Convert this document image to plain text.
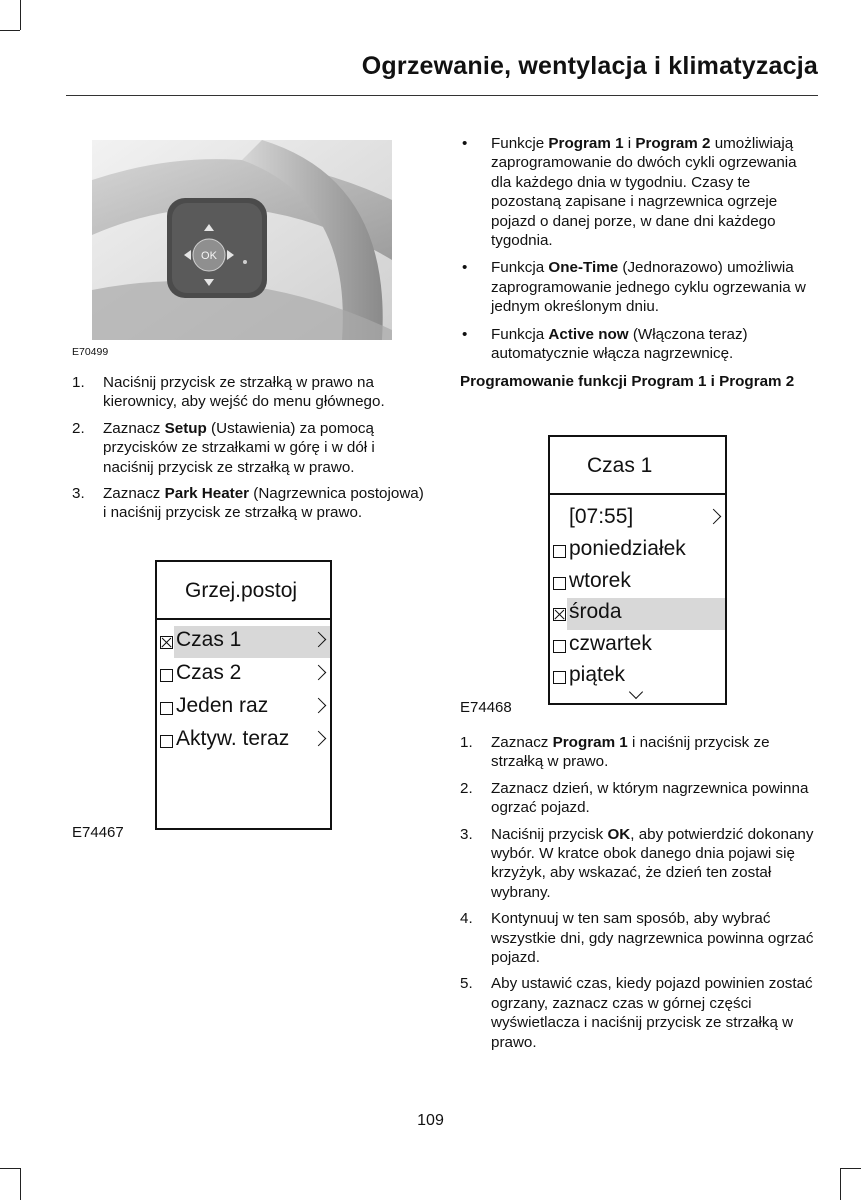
Ogrzewanie, wentylacja i klimatyzacja
OK
E70499
1. Naciśnij przycisk ze strzałką w prawo na kierownicy, aby wejść do menu głównego.
2. Zaznacz Setup (Ustawienia) za pomocą przycisków ze strzałkami w górę i w dół i naciśnij przycisk ze strzałką w prawo.
3. Zaznacz Park Heater (Nagrzewnica postojowa) i naciśnij przycisk ze strzałką w prawo.
Grzej.postoj
Czas 1
Czas 2
Jeden raz
Aktyw. teraz
E74467
• Funkcje Program 1 i Program 2 umożliwiają zaprogramowanie do dwóch cykli ogrzewania dla każdego dnia w tygodniu. Czasy te pozostaną zapisane i nagrzewnica ogrzeje pojazd o danej porze, w dane dni każdego tygodnia.
• Funkcja One-Time (Jednorazowo) umożliwia zaprogramowanie jednego cyklu ogrzewania w jednym określonym dniu.
• Funkcja Active now (Włączona teraz) automatycznie włącza nagrzewnicę.
Programowanie funkcji Program 1 i Program 2
Czas 1
[07:55]
poniedziałek
wtorek
środa
czwartek
piątek
E74468
1. Zaznacz Program 1 i naciśnij przycisk ze strzałką w prawo.
2. Zaznacz dzień, w którym nagrzewnica powinna ogrzać pojazd.
3. Naciśnij przycisk OK, aby potwierdzić dokonany wybór. W kratce obok danego dnia pojawi się krzyżyk, aby wskazać, że dzień ten został wybrany.
4. Kontynuuj w ten sam sposób, aby wybrać wszystkie dni, gdy nagrzewnica powinna ogrzać pojazd.
5. Aby ustawić czas, kiedy pojazd powinien zostać ogrzany, zaznacz czas w górnej części wyświetlacza i naciśnij przycisk ze strzałką w prawo.
109
